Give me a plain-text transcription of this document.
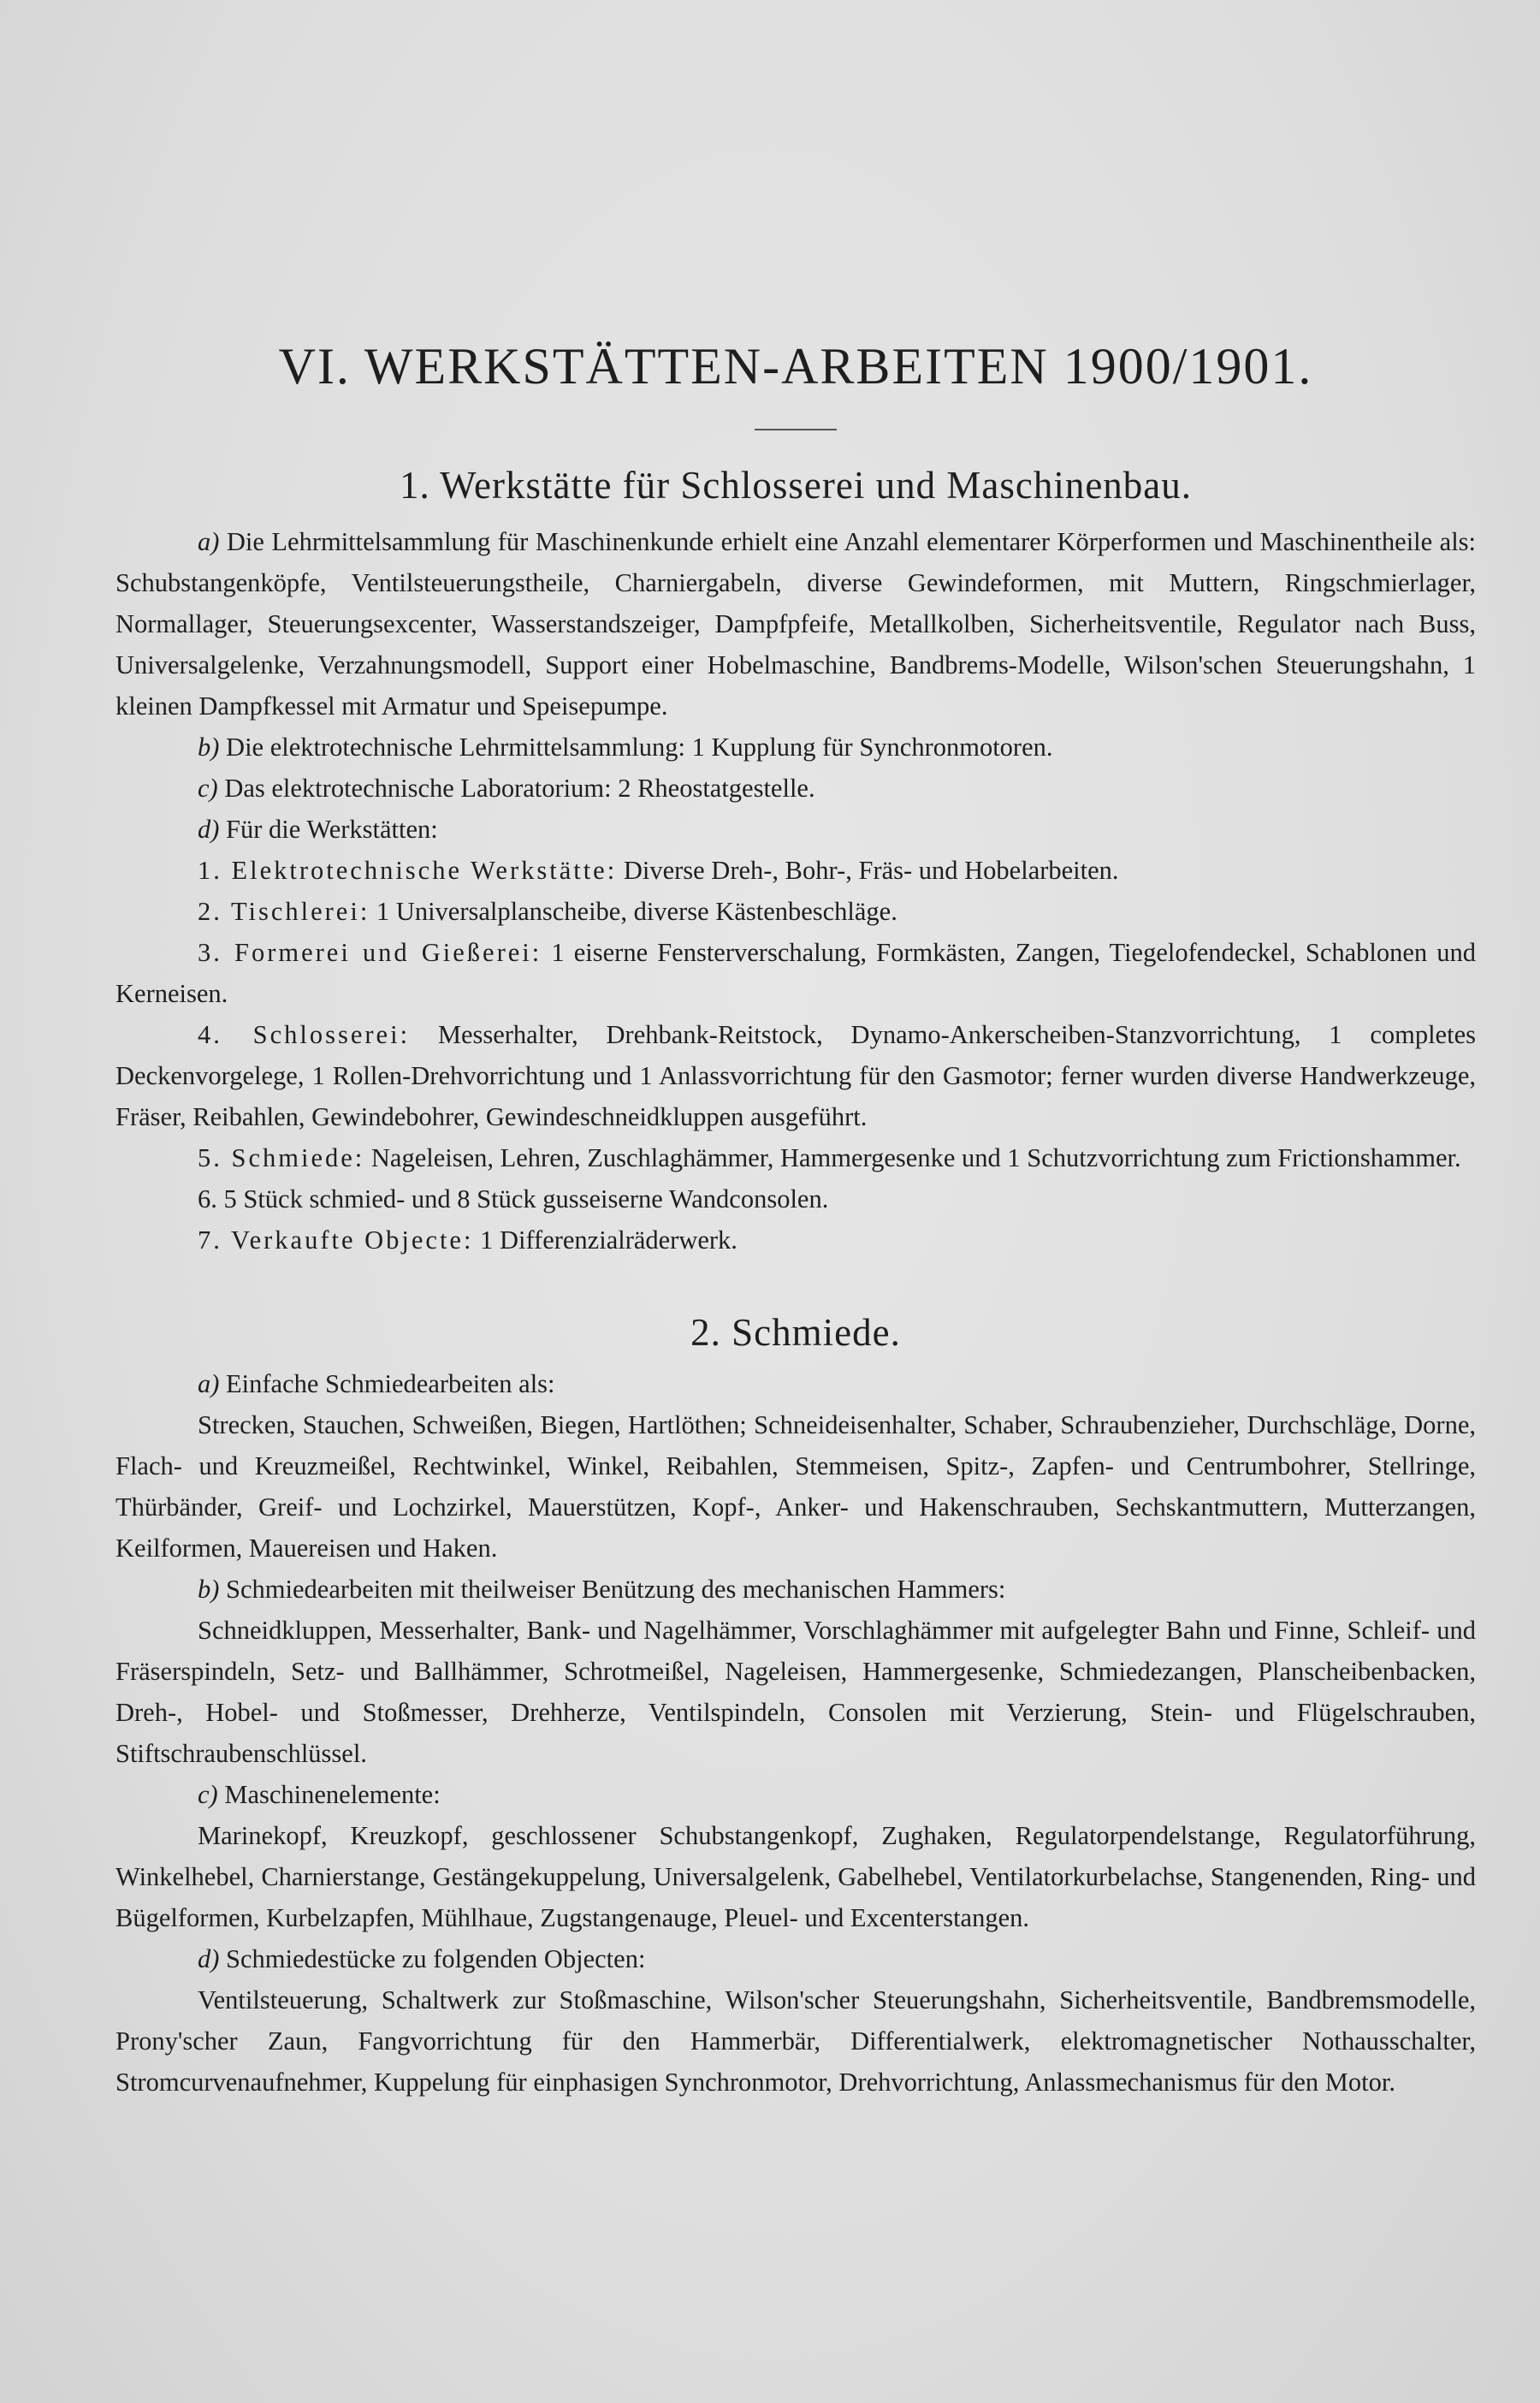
VI. WERKSTÄTTEN-ARBEITEN 1900/1901.
1. Werkstätte für Schlosserei und Maschinenbau.

a) Die Lehrmittelsammlung für Maschinenkunde erhielt eine Anzahl elementarer Körperformen und Maschinentheile als: Schubstangenköpfe, Ventilsteuerungstheile, Charniergabeln, diverse Gewindeformen, mit Muttern, Ringschmierlager, Normallager, Steuerungsexcenter, Wasserstandszeiger, Dampfpfeife, Metallkolben, Sicherheitsventile, Regulator nach Buss, Universalgelenke, Verzahnungsmodell, Support einer Hobelmaschine, Bandbrems-Modelle, Wilson'schen Steuerungshahn, 1 kleinen Dampfkessel mit Armatur und Speisepumpe.

b) Die elektrotechnische Lehrmittelsammlung: 1 Kupplung für Synchronmotoren.

c) Das elektrotechnische Laboratorium: 2 Rheostatgestelle.

d) Für die Werkstätten:

1. Elektrotechnische Werkstätte: Diverse Dreh-, Bohr-, Fräs- und Hobelarbeiten.

2. Tischlerei: 1 Universalplanscheibe, diverse Kästenbeschläge.

3. Formerei und Gießerei: 1 eiserne Fensterverschalung, Formkästen, Zangen, Tiegelofendeckel, Schablonen und Kerneisen.

4. Schlosserei: Messerhalter, Drehbank-Reitstock, Dynamo-Ankerscheiben-Stanzvorrichtung, 1 completes Deckenvorgelege, 1 Rollen-Drehvorrichtung und 1 Anlassvorrichtung für den Gasmotor; ferner wurden diverse Handwerkzeuge, Fräser, Reibahlen, Gewindebohrer, Gewindeschneidkluppen ausgeführt.

5. Schmiede: Nageleisen, Lehren, Zuschlaghämmer, Hammergesenke und 1 Schutzvorrichtung zum Frictionshammer.

6. 5 Stück schmied- und 8 Stück gusseiserne Wandconsolen.

7. Verkaufte Objecte: 1 Differenzialräderwerk.

2. Schmiede.

a) Einfache Schmiedearbeiten als:

Strecken, Stauchen, Schweißen, Biegen, Hartlöthen; Schneideisenhalter, Schaber, Schraubenzieher, Durchschläge, Dorne, Flach- und Kreuzmeißel, Rechtwinkel, Winkel, Reibahlen, Stemmeisen, Spitz-, Zapfen- und Centrumbohrer, Stellringe, Thürbänder, Greif- und Lochzirkel, Mauerstützen, Kopf-, Anker- und Hakenschrauben, Sechskantmuttern, Mutterzangen, Keilformen, Mauereisen und Haken.

b) Schmiedearbeiten mit theilweiser Benützung des mechanischen Hammers:

Schneidkluppen, Messerhalter, Bank- und Nagelhämmer, Vorschlaghämmer mit aufgelegter Bahn und Finne, Schleif- und Fräserspindeln, Setz- und Ballhämmer, Schrotmeißel, Nageleisen, Hammergesenke, Schmiedezangen, Planscheibenbacken, Dreh-, Hobel- und Stoßmesser, Drehherze, Ventilspindeln, Consolen mit Verzierung, Stein- und Flügelschrauben, Stiftschraubenschlüssel.

c) Maschinenelemente:

Marinekopf, Kreuzkopf, geschlossener Schubstangenkopf, Zughaken, Regulatorpendelstange, Regulatorführung, Winkelhebel, Charnierstange, Gestängekuppelung, Universalgelenk, Gabelhebel, Ventilatorkurbelachse, Stangenenden, Ring- und Bügelformen, Kurbelzapfen, Mühlhaue, Zugstangenauge, Pleuel- und Excenterstangen.

d) Schmiedestücke zu folgenden Objecten:

Ventilsteuerung, Schaltwerk zur Stoßmaschine, Wilson'scher Steuerungshahn, Sicherheitsventile, Bandbremsmodelle, Prony'scher Zaun, Fangvorrichtung für den Hammerbär, Differentialwerk, elektromagnetischer Nothausschalter, Stromcurvenaufnehmer, Kuppelung für einphasigen Synchronmotor, Drehvorrichtung, Anlassmechanismus für den Motor.
